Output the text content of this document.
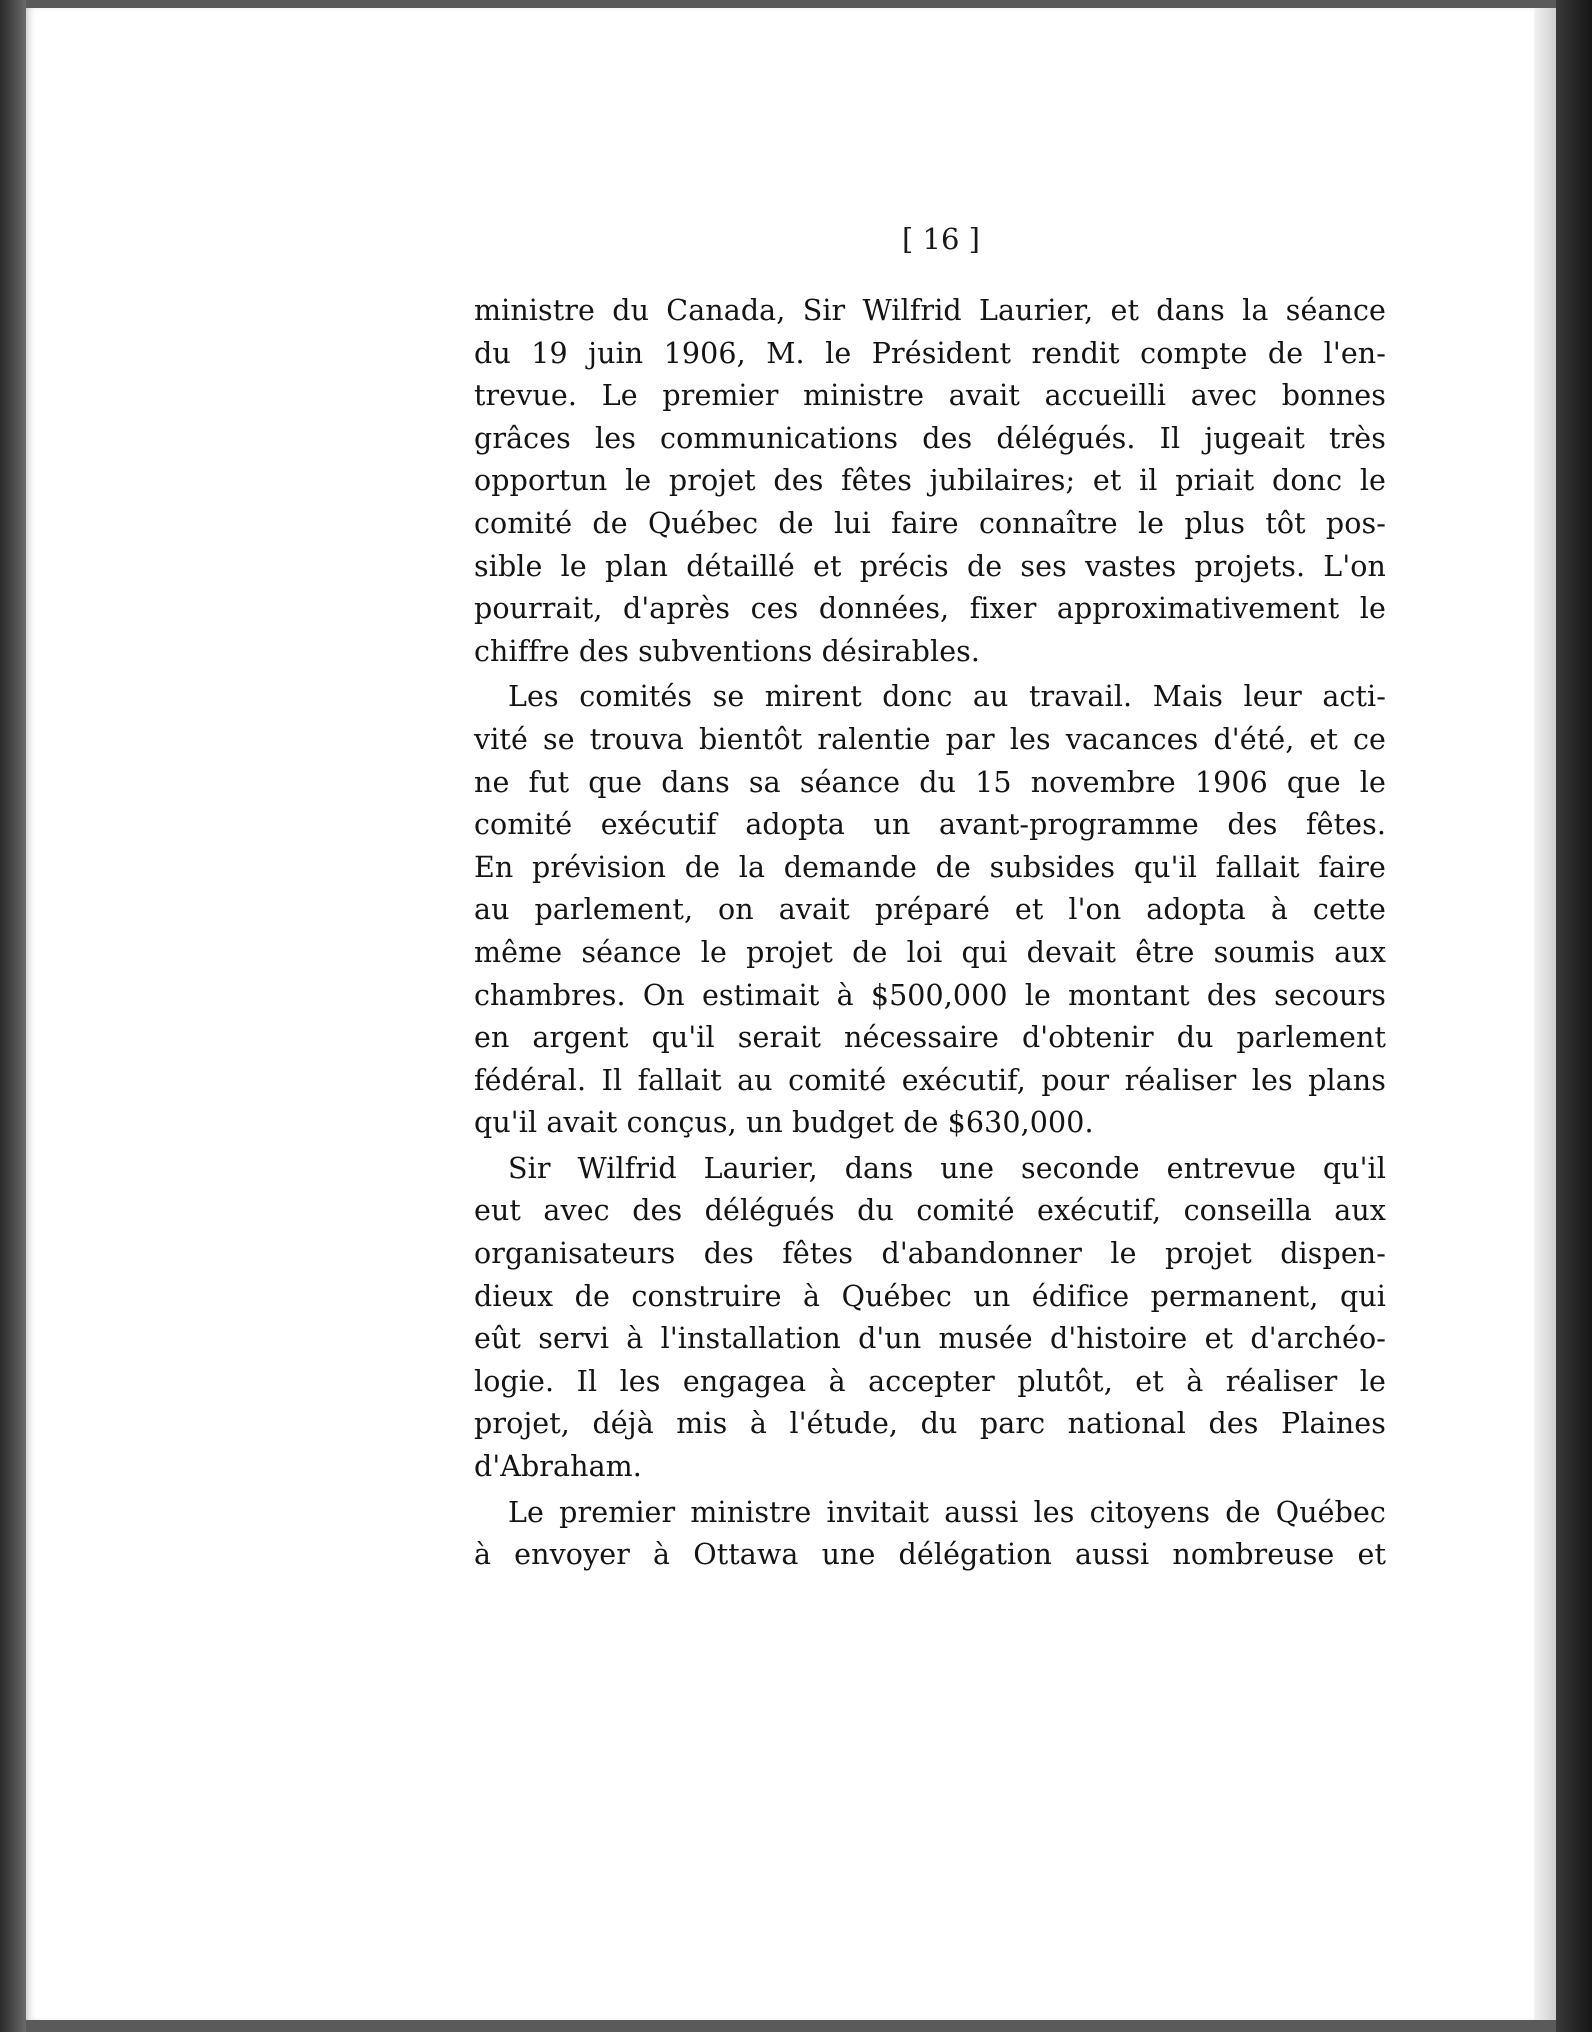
[ 16 ]
ministre du Canada, Sir Wilfrid Laurier, et dans la séance
du 19 juin 1906, M. le Président rendit compte de l'en-
trevue. Le premier ministre avait accueilli avec bonnes
grâces les communications des délégués. Il jugeait très
opportun le projet des fêtes jubilaires; et il priait donc le
comité de Québec de lui faire connaître le plus tôt pos-
sible le plan détaillé et précis de ses vastes projets. L'on
pourrait, d'après ces données, fixer approximativement le
chiffre des subventions désirables.
Les comités se mirent donc au travail. Mais leur acti-
vité se trouva bientôt ralentie par les vacances d'été, et ce
ne fut que dans sa séance du 15 novembre 1906 que le
comité exécutif adopta un avant-programme des fêtes.
En prévision de la demande de subsides qu'il fallait faire
au parlement, on avait préparé et l'on adopta à cette
même séance le projet de loi qui devait être soumis aux
chambres. On estimait à $500,000 le montant des secours
en argent qu'il serait nécessaire d'obtenir du parlement
fédéral. Il fallait au comité exécutif, pour réaliser les plans
qu'il avait conçus, un budget de $630,000.
Sir Wilfrid Laurier, dans une seconde entrevue qu'il
eut avec des délégués du comité exécutif, conseilla aux
organisateurs des fêtes d'abandonner le projet dispen-
dieux de construire à Québec un édifice permanent, qui
eût servi à l'installation d'un musée d'histoire et d'archéo-
logie. Il les engagea à accepter plutôt, et à réaliser le
projet, déjà mis à l'étude, du parc national des Plaines
d'Abraham.
Le premier ministre invitait aussi les citoyens de Québec
à envoyer à Ottawa une délégation aussi nombreuse et
